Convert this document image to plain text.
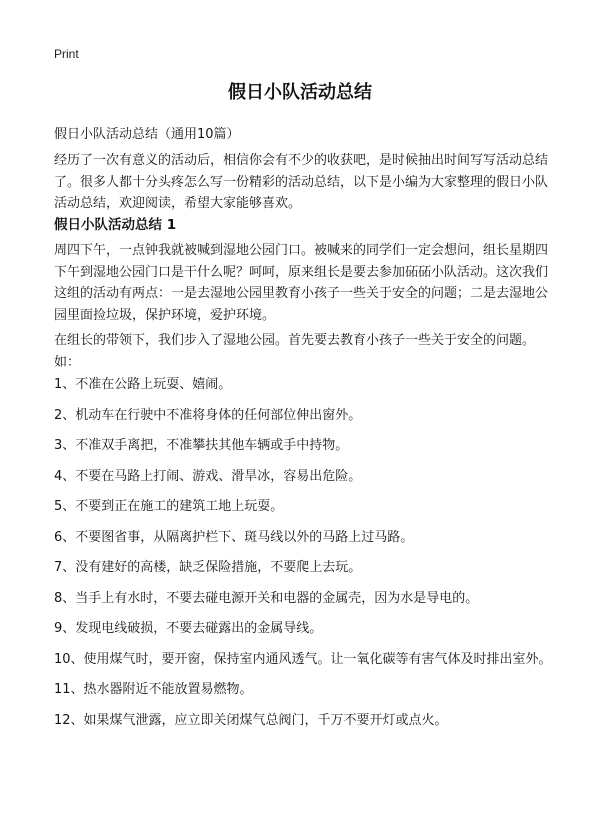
Print
假日小队活动总结
假日小队活动总结（通用10篇）
经历了一次有意义的活动后，相信你会有不少的收获吧，是时候抽出时间写写活动总结了。很多人都十分头疼怎么写一份精彩的活动总结，以下是小编为大家整理的假日小队活动总结，欢迎阅读，希望大家能够喜欢。
假日小队活动总结 1
周四下午，一点钟我就被喊到湿地公园门口。被喊来的同学们一定会想问，组长星期四下午到湿地公园门口是干什么呢？呵呵，原来组长是要去参加砳砳小队活动。这次我们这组的活动有两点：一是去湿地公园里教育小孩子一些关于安全的问题；二是去湿地公园里面捡垃圾，保护环境，爱护环境。
在组长的带领下，我们步入了湿地公园。首先要去教育小孩子一些关于安全的问题。如：
1、不准在公路上玩耍、嬉闹。
2、机动车在行驶中不准将身体的任何部位伸出窗外。
3、不准双手离把，不准攀扶其他车辆或手中持物。
4、不要在马路上打闹、游戏、滑旱冰，容易出危险。
5、不要到正在施工的建筑工地上玩耍。
6、不要图省事，从隔离护栏下、斑马线以外的马路上过马路。
7、没有建好的高楼，缺乏保险措施，不要爬上去玩。
8、当手上有水时，不要去碰电源开关和电器的金属壳，因为水是导电的。
9、发现电线破损，不要去碰露出的金属导线。
10、使用煤气时，要开窗，保持室内通风透气。让一氧化碳等有害气体及时排出室外。
11、热水器附近不能放置易燃物。
12、如果煤气泄露，应立即关闭煤气总阀门，千万不要开灯或点火。
